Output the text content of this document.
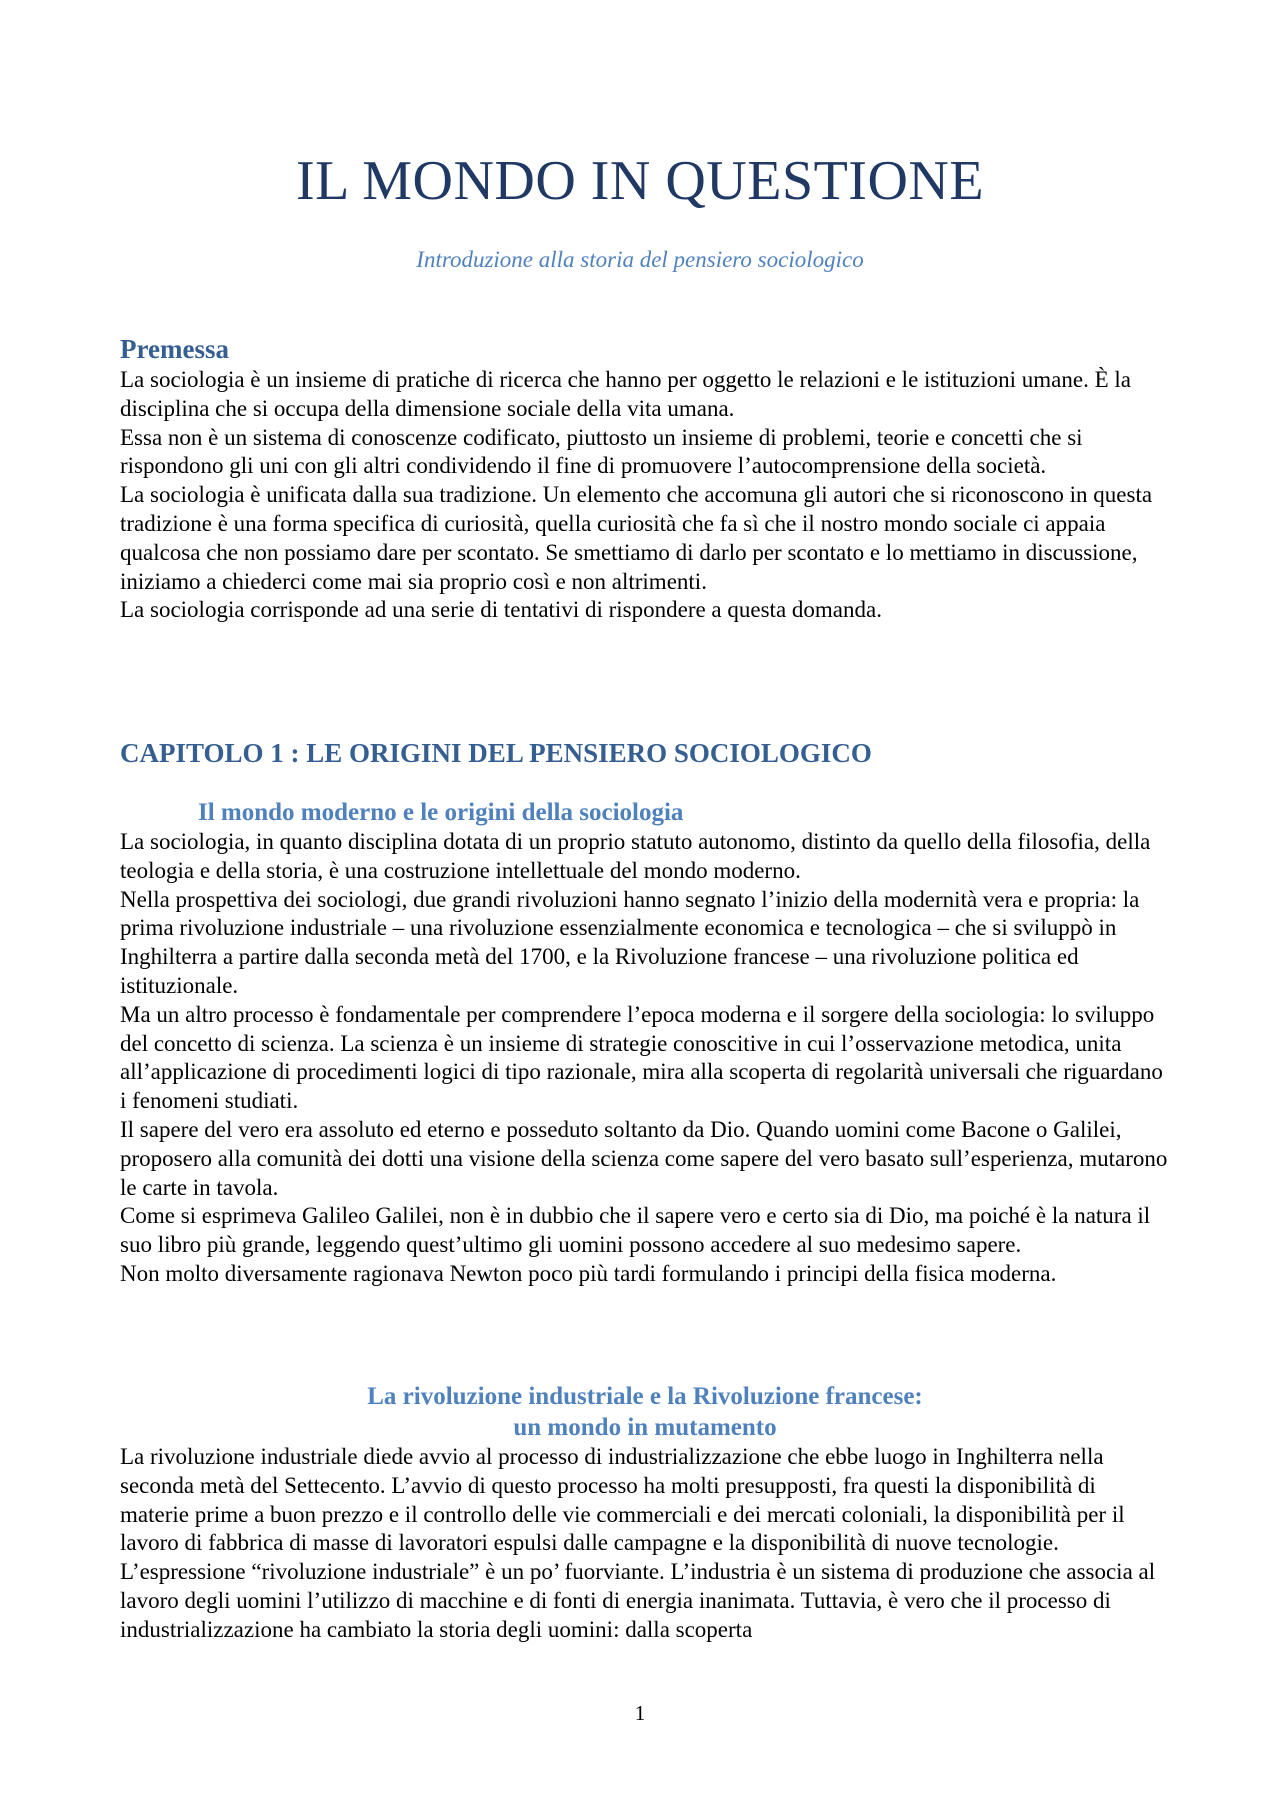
IL MONDO IN QUESTIONE

Introduzione alla storia del pensiero sociologico

Premessa

La sociologia è un insieme di pratiche di ricerca che hanno per oggetto le relazioni e le istituzioni umane. È la disciplina che si occupa della dimensione sociale della vita umana.

Essa non è un sistema di conoscenze codificato, piuttosto un insieme di problemi, teorie e concetti che si rispondono gli uni con gli altri condividendo il fine di promuovere l’autocomprensione della società.

La sociologia è unificata dalla sua tradizione. Un elemento che accomuna gli autori che si riconoscono in questa tradizione è una forma specifica di curiosità, quella curiosità che fa sì che il nostro mondo sociale ci appaia qualcosa che non possiamo dare per scontato. Se smettiamo di darlo per scontato e lo mettiamo in discussione, iniziamo a chiederci come mai sia proprio così e non altrimenti.

La sociologia corrisponde ad una serie di tentativi di rispondere a questa domanda.

CAPITOLO 1 : LE ORIGINI DEL PENSIERO SOCIOLOGICO
Il mondo moderno e le origini della sociologia

La sociologia, in quanto disciplina dotata di un proprio statuto autonomo, distinto da quello della filosofia, della teologia e della storia, è una costruzione intellettuale del mondo moderno.

Nella prospettiva dei sociologi, due grandi rivoluzioni hanno segnato l’inizio della modernità vera e propria: la prima rivoluzione industriale – una rivoluzione essenzialmente economica e tecnologica – che si sviluppò in Inghilterra a partire dalla seconda metà del 1700, e la Rivoluzione francese – una rivoluzione politica ed istituzionale.

Ma un altro processo è fondamentale per comprendere l’epoca moderna e il sorgere della sociologia: lo sviluppo del concetto di scienza. La scienza è un insieme di strategie conoscitive in cui l’osservazione metodica, unita all’applicazione di procedimenti logici di tipo razionale, mira alla scoperta di regolarità universali che riguardano i fenomeni studiati.

Il sapere del vero era assoluto ed eterno e posseduto soltanto da Dio. Quando uomini come Bacone o Galilei, proposero alla comunità dei dotti una visione della scienza come sapere del vero basato sull’esperienza, mutarono le carte in tavola.

Come si esprimeva Galileo Galilei, non è in dubbio che il sapere vero e certo sia di Dio, ma poiché è la natura il suo libro più grande, leggendo quest’ultimo gli uomini possono accedere al suo medesimo sapere.

Non molto diversamente ragionava Newton poco più tardi formulando i principi della fisica moderna.

La rivoluzione industriale e la Rivoluzione francese:
un mondo in mutamento

La rivoluzione industriale diede avvio al processo di industrializzazione che ebbe luogo in Inghilterra nella seconda metà del Settecento. L’avvio di questo processo ha molti presupposti, fra questi la disponibilità di materie prime a buon prezzo e il controllo delle vie commerciali e dei mercati coloniali, la disponibilità per il lavoro di fabbrica di masse di lavoratori espulsi dalle campagne e la disponibilità di nuove tecnologie.

L’espressione “rivoluzione industriale” è un po’ fuorviante. L’industria è un sistema di produzione che associa al lavoro degli uomini l’utilizzo di macchine e di fonti di energia inanimata. Tuttavia, è vero che il processo di industrializzazione ha cambiato la storia degli uomini: dalla scoperta

1
